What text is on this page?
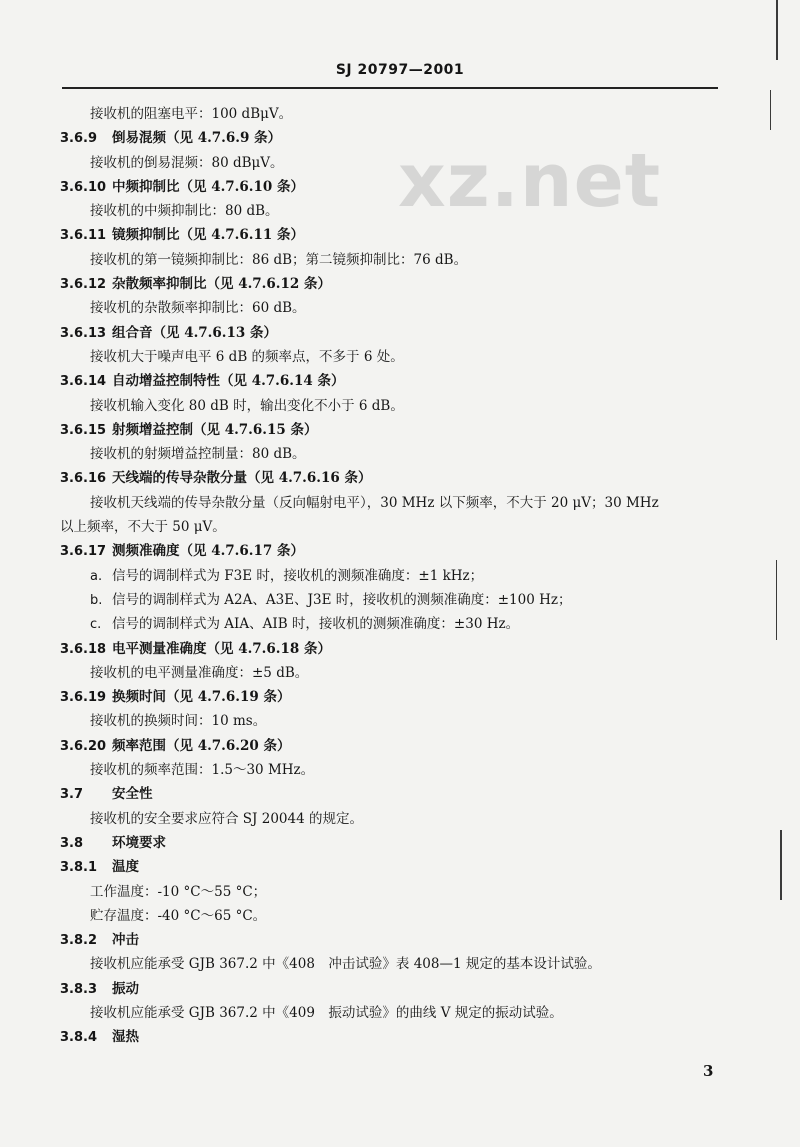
SJ 20797—2001
xz.net
接收机的阻塞电平：100 dBμV。
3.6.9 倒易混频（见 4.7.6.9 条）
接收机的倒易混频：80 dBμV。
3.6.10 中频抑制比（见 4.7.6.10 条）
接收机的中频抑制比：80 dB。
3.6.11 镜频抑制比（见 4.7.6.11 条）
接收机的第一镜频抑制比：86 dB；第二镜频抑制比：76 dB。
3.6.12 杂散频率抑制比（见 4.7.6.12 条）
接收机的杂散频率抑制比：60 dB。
3.6.13 组合音（见 4.7.6.13 条）
接收机大于噪声电平 6 dB 的频率点，不多于 6 处。
3.6.14 自动增益控制特性（见 4.7.6.14 条）
接收机输入变化 80 dB 时，输出变化不小于 6 dB。
3.6.15 射频增益控制（见 4.7.6.15 条）
接收机的射频增益控制量：80 dB。
3.6.16 天线端的传导杂散分量（见 4.7.6.16 条）
接收机天线端的传导杂散分量（反向幅射电平），30 MHz 以下频率，不大于 20 μV；30 MHz
以上频率，不大于 50 μV。
3.6.17 测频准确度（见 4.7.6.17 条）
a. 信号的调制样式为 F3E 时，接收机的测频准确度：±1 kHz；
b. 信号的调制样式为 A2A、A3E、J3E 时，接收机的测频准确度：±100 Hz；
c. 信号的调制样式为 AIA、AIB 时，接收机的测频准确度：±30 Hz。
3.6.18 电平测量准确度（见 4.7.6.18 条）
接收机的电平测量准确度：±5 dB。
3.6.19 换频时间（见 4.7.6.19 条）
接收机的换频时间：10 ms。
3.6.20 频率范围（见 4.7.6.20 条）
接收机的频率范围：1.5～30 MHz。
3.7 安全性
接收机的安全要求应符合 SJ 20044 的规定。
3.8 环境要求
3.8.1 温度
工作温度：-10 °C～55 °C；
贮存温度：-40 °C～65 °C。
3.8.2 冲击
接收机应能承受 GJB 367.2 中《408　冲击试验》表 408—1 规定的基本设计试验。
3.8.3 振动
接收机应能承受 GJB 367.2 中《409　振动试验》的曲线 V 规定的振动试验。
3.8.4 湿热
3
